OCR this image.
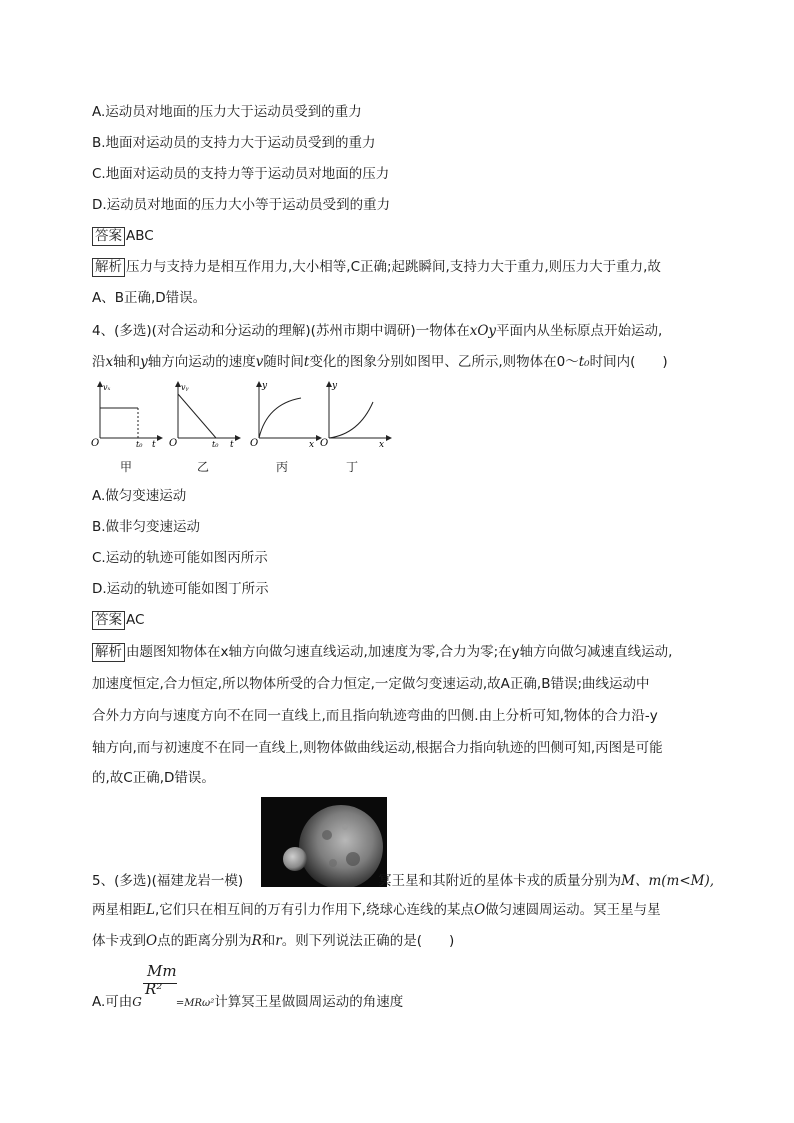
A.运动员对地面的压力大于运动员受到的重力
B.地面对运动员的支持力大于运动员受到的重力
C.地面对运动员的支持力等于运动员对地面的压力
D.运动员对地面的压力大小等于运动员受到的重力
答案 ABC
解析 压力与支持力是相互作用力,大小相等,C正确;起跳瞬间,支持力大于重力,则压力大于重力,故
A、B正确,D错误。
4、(多选)(对合运动和分运动的理解)(苏州市期中调研)一物体在xOy平面内从坐标原点开始运动,
沿x轴和y轴方向运动的速度v随时间t变化的图象分别如图甲、乙所示,则物体在0～t₀时间内(　　)
vₓ
O	t₀ t
甲
vᵧ
O	t₀ t
乙
y
O	x
丙
y
O	x
丁
A.做匀变速运动
B.做非匀变速运动
C.运动的轨迹可能如图丙所示
D.运动的轨迹可能如图丁所示
答案 AC
解析 由题图知物体在x轴方向做匀速直线运动,加速度为零,合力为零;在y轴方向做匀减速直线运动,
加速度恒定,合力恒定,所以物体所受的合力恒定,一定做匀变速运动,故A正确,B错误;曲线运动中
合外力方向与速度方向不在同一直线上,而且指向轨迹弯曲的凹侧.由上分析可知,物体的合力沿-y
轴方向,而与初速度不在同一直线上,则物体做曲线运动,根据合力指向轨迹的凹侧可知,丙图是可能
的,故C正确,D错误。
5、(多选)(福建龙岩一模)	冥王星和其附近的星体卡戎的质量分别为M、m(m<M),
两星相距L,它们只在相互间的万有引力作用下,绕球心连线的某点O做匀速圆周运动。冥王星与星
体卡戎到O点的距离分别为R和r。则下列说法正确的是(　　)
Mm
R²
A.可由G	=MRω²计算冥王星做圆周运动的角速度
